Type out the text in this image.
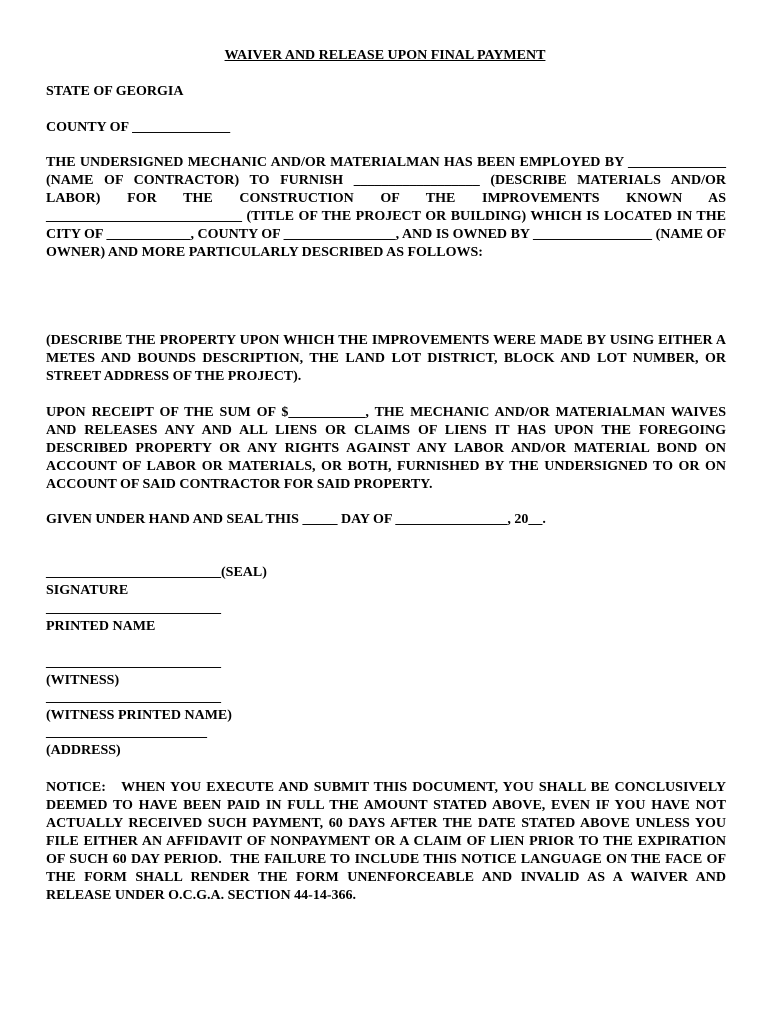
WAIVER AND RELEASE UPON FINAL PAYMENT
STATE OF GEORGIA
COUNTY OF ______________

THE UNDERSIGNED MECHANIC AND/OR MATERIALMAN HAS BEEN EMPLOYED BY ______________ (NAME OF CONTRACTOR) TO FURNISH __________________ (DESCRIBE MATERIALS AND/OR LABOR) FOR THE CONSTRUCTION OF THE IMPROVEMENTS KNOWN AS ____________________________ (TITLE OF THE PROJECT OR BUILDING) WHICH IS LOCATED IN THE CITY OF ____________, COUNTY OF ________________, AND IS OWNED BY _________________ (NAME OF OWNER) AND MORE PARTICULARLY DESCRIBED AS FOLLOWS:

(DESCRIBE THE PROPERTY UPON WHICH THE IMPROVEMENTS WERE MADE BY USING EITHER A METES AND BOUNDS DESCRIPTION, THE LAND LOT DISTRICT, BLOCK AND LOT NUMBER, OR STREET ADDRESS OF THE PROJECT).

UPON RECEIPT OF THE SUM OF $___________, THE MECHANIC AND/OR MATERIALMAN WAIVES AND RELEASES ANY AND ALL LIENS OR CLAIMS OF LIENS IT HAS UPON THE FOREGOING DESCRIBED PROPERTY OR ANY RIGHTS AGAINST ANY LABOR AND/OR MATERIAL BOND ON ACCOUNT OF LABOR OR MATERIALS, OR BOTH, FURNISHED BY THE UNDERSIGNED TO OR ON ACCOUNT OF SAID CONTRACTOR FOR SAID PROPERTY.

GIVEN UNDER HAND AND SEAL THIS _____ DAY OF ________________, 20__.
_________________________(SEAL)
SIGNATURE
_________________________
PRINTED NAME
_________________________
(WITNESS)
_________________________
(WITNESS PRINTED NAME)
_______________________
(ADDRESS)

NOTICE:   WHEN YOU EXECUTE AND SUBMIT THIS DOCUMENT, YOU SHALL BE CONCLUSIVELY DEEMED TO HAVE BEEN PAID IN FULL THE AMOUNT STATED ABOVE, EVEN IF YOU HAVE NOT ACTUALLY RECEIVED SUCH PAYMENT, 60 DAYS AFTER THE DATE STATED ABOVE UNLESS YOU FILE EITHER AN AFFIDAVIT OF NONPAYMENT OR A CLAIM OF LIEN PRIOR TO THE EXPIRATION OF SUCH 60 DAY PERIOD.  THE FAILURE TO INCLUDE THIS NOTICE LANGUAGE ON THE FACE OF THE FORM SHALL RENDER THE FORM UNENFORCEABLE AND INVALID AS A WAIVER AND RELEASE UNDER O.C.G.A. SECTION 44-14-366.
